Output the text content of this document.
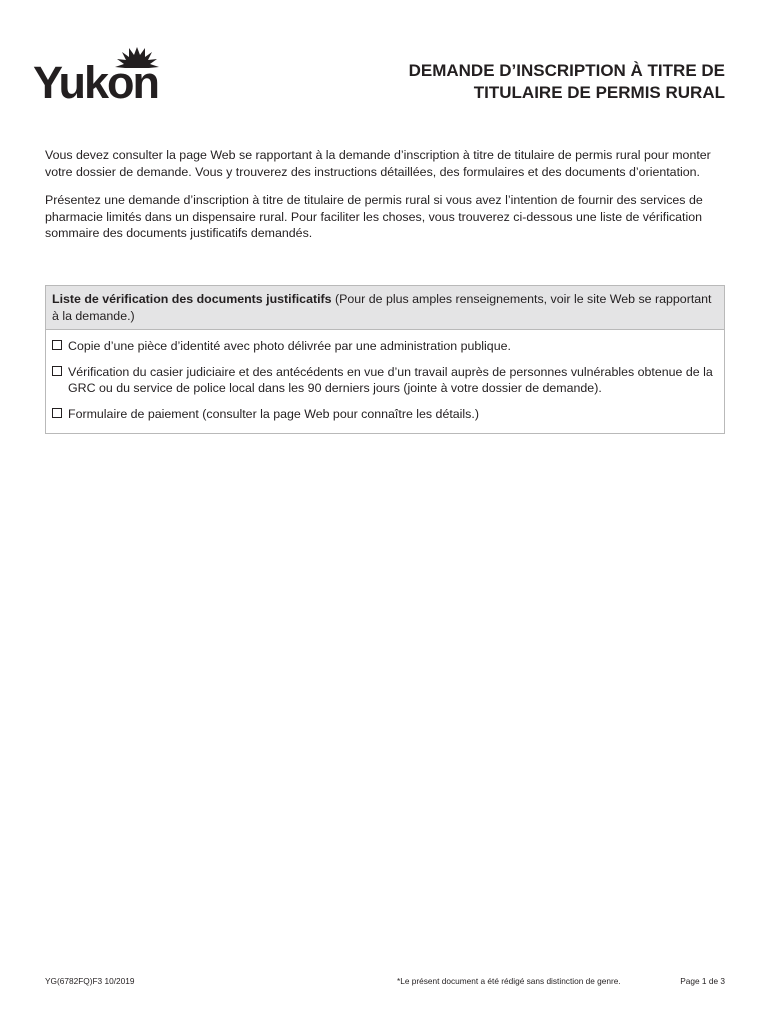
Yukon	DEMANDE D’INSCRIPTION À TITRE DE
TITULAIRE DE PERMIS RURAL

Vous devez consulter la page Web se rapportant à la demande d’inscription à titre de titulaire de permis rural pour monter votre dossier de demande. Vous y trouverez des instructions détaillées, des formulaires et des documents d’orientation.

Présentez une demande d’inscription à titre de titulaire de permis rural si vous avez l’intention de fournir des services de pharmacie limités dans un dispensaire rural. Pour faciliter les choses, vous trouverez ci-dessous une liste de vérification sommaire des documents justificatifs demandés.

Liste de vérification des documents justificatifs (Pour de plus amples renseignements, voir le site Web se rapportant à la demande.)
Copie d’une pièce d’identité avec photo délivrée par une administration publique.
Vérification du casier judiciaire et des antécédents en vue d’un travail auprès de personnes vulnérables obtenue de la GRC ou du service de police local dans les 90 derniers jours (jointe à votre dossier de demande).
Formulaire de paiement (consulter la page Web pour connaître les détails.)
YG(6782FQ)F3 10/2019	*Le présent document a été rédigé sans distinction de genre.	Page 1 de 3
